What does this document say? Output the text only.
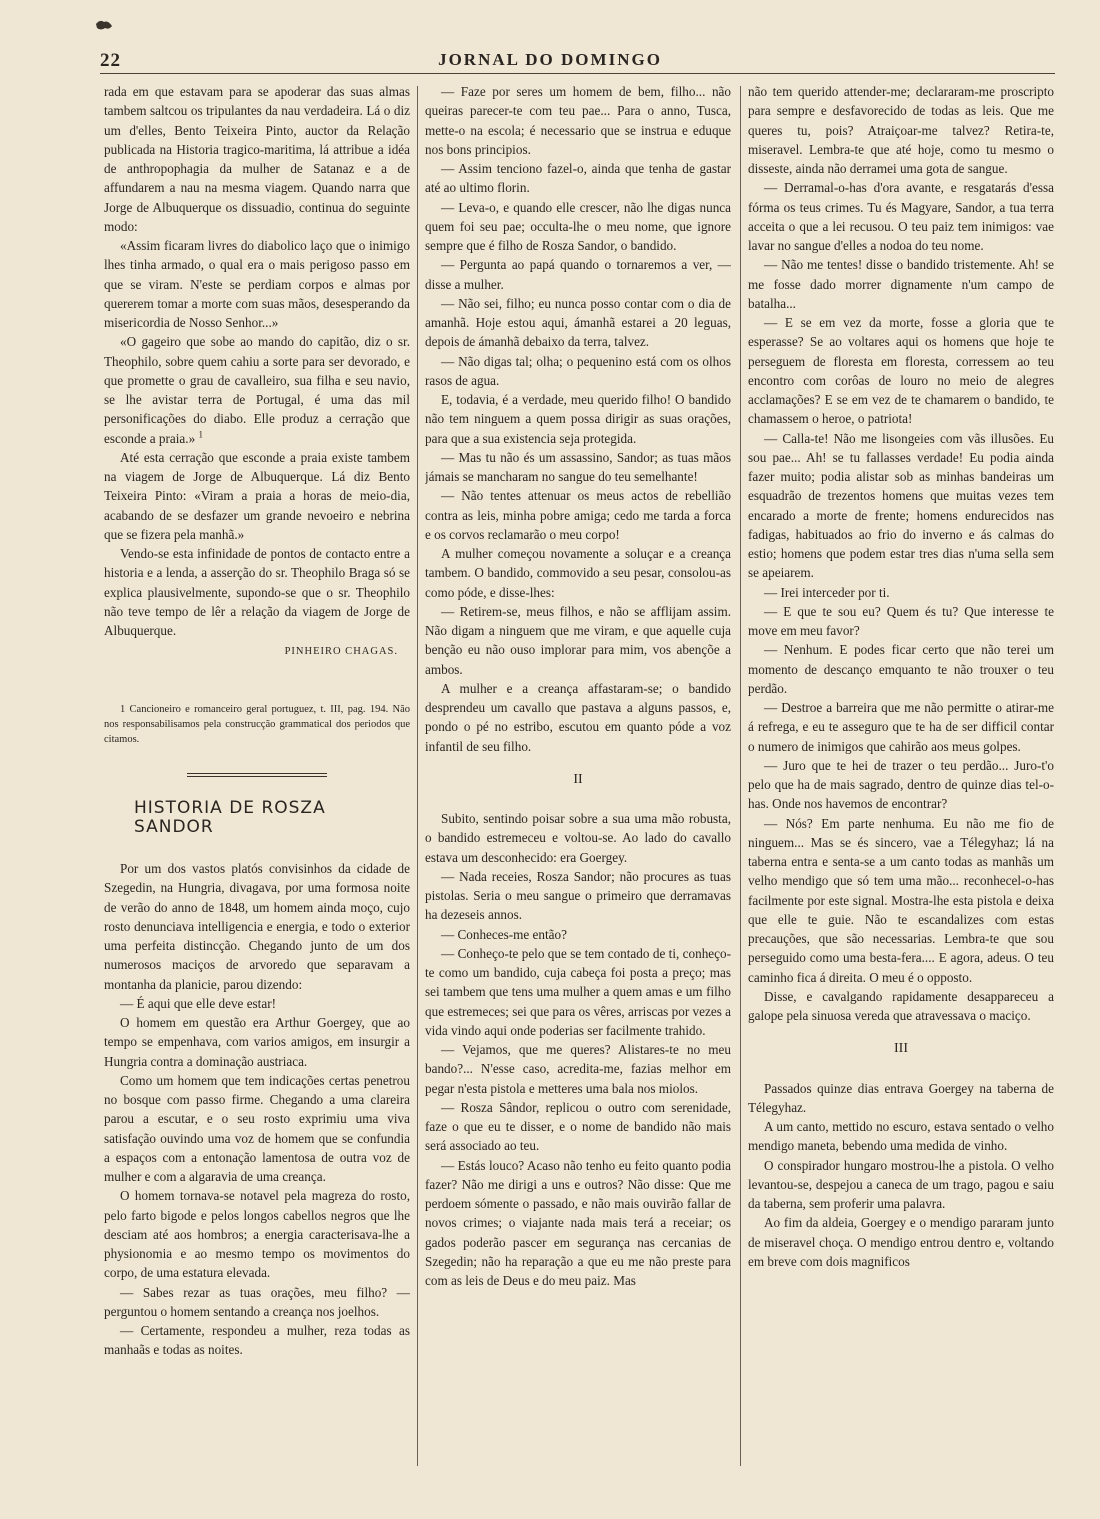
22	JORNAL DO DOMINGO

rada em que estavam para se apoderar das suas almas tambem saltcou os tripulantes da nau verdadeira. Lá o diz um d'elles, Bento Teixeira Pinto, auctor da Relação publicada na Historia tragico-maritima, lá attribue a idéa de anthropophagia da mulher de Satanaz e a de affundarem a nau na mesma viagem. Quando narra que Jorge de Albuquerque os dissuadio, continua do seguinte modo:

«Assim ficaram livres do diabolico laço que o inimigo lhes tinha armado, o qual era o mais perigoso passo em que se viram. N'este se perdiam corpos e almas por quererem tomar a morte com suas mãos, desesperando da misericordia de Nosso Senhor...»

«O gageiro que sobe ao mando do capitão, diz o sr. Theophilo, sobre quem cahiu a sorte para ser devorado, e que promette o grau de cavalleiro, sua filha e seu navio, se lhe avistar terra de Portugal, é uma das mil personificações do diabo. Elle produz a cerração que esconde a praia.» $^1$

Até esta cerração que esconde a praia existe tambem na viagem de Jorge de Albuquerque. Lá diz Bento Teixeira Pinto: «Viram a praia a horas de meio-dia, acabando de se desfazer um grande nevoeiro e nebrina que se fizera pela manhã.»

Vendo-se esta infinidade de pontos de contacto entre a historia e a lenda, a asserção do sr. Theophilo Braga só se explica plausivelmente, supondo-se que o sr. Theophilo não teve tempo de lêr a relação da viagem de Jorge de Albuquerque.

PINHEIRO CHAGAS.

1 Cancioneiro e romanceiro geral portuguez, t. III, pag. 194. Não nos responsabilisamos pela construcção grammatical dos periodos que citamos.

HISTORIA DE ROSZA SANDOR

Por um dos vastos platós convisinhos da cidade de Szegedin, na Hungria, divagava, por uma formosa noite de verão do anno de 1848, um homem ainda moço, cujo rosto denunciava intelligencia e energia, e todo o exterior uma perfeita distincção. Chegando junto de um dos numerosos maciços de arvoredo que separavam a montanha da planicie, parou dizendo:

— É aqui que elle deve estar!

O homem em questão era Arthur Goergey, que ao tempo se empenhava, com varios amigos, em insurgir a Hungria contra a dominação austriaca.

Como um homem que tem indicações certas penetrou no bosque com passo firme. Chegando a uma clareira parou a escutar, e o seu rosto exprimiu uma viva satisfação ouvindo uma voz de homem que se confundia a espaços com a entonação lamentosa de outra voz de mulher e com a algaravia de uma creança.

O homem tornava-se notavel pela magreza do rosto, pelo farto bigode e pelos longos cabellos negros que lhe desciam até aos hombros; a energia caracterisava-lhe a physionomia e ao mesmo tempo os movimentos do corpo, de uma estatura elevada.

— Sabes rezar as tuas orações, meu filho? — perguntou o homem sentando a creança nos joelhos.

— Certamente, respondeu a mulher, reza todas as manhaãs e todas as noites.

— Faze por seres um homem de bem, filho... não queiras parecer-te com teu pae... Para o anno, Tusca, mette-o na escola; é necessario que se instrua e eduque nos bons principios.

— Assim tenciono fazel-o, ainda que tenha de gastar até ao ultimo florin.

— Leva-o, e quando elle crescer, não lhe digas nunca quem foi seu pae; occulta-lhe o meu nome, que ignore sempre que é filho de Rosza Sandor, o bandido.

— Pergunta ao papá quando o tornaremos a ver, — disse a mulher.

— Não sei, filho; eu nunca posso contar com o dia de amanhã. Hoje estou aqui, ámanhã estarei a 20 leguas, depois de ámanhã debaixo da terra, talvez.

— Não digas tal; olha; o pequenino está com os olhos rasos de agua.

E, todavia, é a verdade, meu querido filho! O bandido não tem ninguem a quem possa dirigir as suas orações, para que a sua existencia seja protegida.

— Mas tu não és um assassino, Sandor; as tuas mãos jámais se mancharam no sangue do teu semelhante!

— Não tentes attenuar os meus actos de rebellião contra as leis, minha pobre amiga; cedo me tarda a forca e os corvos reclamarão o meu corpo!

A mulher começou novamente a soluçar e a creança tambem. O bandido, commovido a seu pesar, consolou-as como póde, e disse-lhes:

— Retirem-se, meus filhos, e não se afflijam assim. Não digam a ninguem que me viram, e que aquelle cuja benção eu não ouso implorar para mim, vos abençõe a ambos.

A mulher e a creança affastaram-se; o bandido desprendeu um cavallo que pastava a alguns passos, e, pondo o pé no estribo, escutou em quanto póde a voz infantil de seu filho.

II

Subito, sentindo poisar sobre a sua uma mão robusta, o bandido estremeceu e voltou-se. Ao lado do cavallo estava um desconhecido: era Goergey.

— Nada receies, Rosza Sandor; não procures as tuas pistolas. Seria o meu sangue o primeiro que derramavas ha dezeseis annos.

— Conheces-me então?

— Conheço-te pelo que se tem contado de ti, conheço-te como um bandido, cuja cabeça foi posta a preço; mas sei tambem que tens uma mulher a quem amas e um filho que estremeces; sei que para os vêres, arriscas por vezes a vida vindo aqui onde poderias ser facilmente trahido.

— Vejamos, que me queres? Alistares-te no meu bando?... N'esse caso, acredita-me, fazias melhor em pegar n'esta pistola e metteres uma bala nos miolos.

— Rosza Sândor, replicou o outro com serenidade, faze o que eu te disser, e o nome de bandido não mais será associado ao teu.

— Estás louco? Acaso não tenho eu feito quanto podia fazer? Não me dirigi a uns e outros? Não disse: Que me perdoem sómente o passado, e não mais ouvirão fallar de novos crimes; o viajante nada mais terá a receiar; os gados poderão pascer em segurança nas cercanias de Szegedin; não ha reparação a que eu me não preste para com as leis de Deus e do meu paiz. Mas

não tem querido attender-me; declararam-me proscripto para sempre e desfavorecido de todas as leis. Que me queres tu, pois? Atraiçoar-me talvez? Retira-te, miseravel. Lembra-te que até hoje, como tu mesmo o disseste, ainda não derramei uma gota de sangue.

— Derramal-o-has d'ora avante, e resgatarás d'essa fórma os teus crimes. Tu és Magyare, Sandor, a tua terra acceita o que a lei recusou. O teu paiz tem inimigos: vae lavar no sangue d'elles a nodoa do teu nome.

— Não me tentes! disse o bandido tristemente. Ah! se me fosse dado morrer dignamente n'um campo de batalha...

— E se em vez da morte, fosse a gloria que te esperasse? Se ao voltares aqui os homens que hoje te perseguem de floresta em floresta, corressem ao teu encontro com corôas de louro no meio de alegres acclamações? E se em vez de te chamarem o bandido, te chamassem o heroe, o patriota!

— Calla-te! Não me lisongeies com vãs illusões. Eu sou pae... Ah! se tu fallasses verdade! Eu podia ainda fazer muito; podia alistar sob as minhas bandeiras um esquadrão de trezentos homens que muitas vezes tem encarado a morte de frente; homens endurecidos nas fadigas, habituados ao frio do inverno e ás calmas do estio; homens que podem estar tres dias n'uma sella sem se apeiarem.

— Irei interceder por ti.

— E que te sou eu? Quem és tu? Que interesse te move em meu favor?

— Nenhum. E podes ficar certo que não terei um momento de descanço emquanto te não trouxer o teu perdão.

— Destroe a barreira que me não permitte o atirar-me á refrega, e eu te asseguro que te ha de ser difficil contar o numero de inimigos que cahirão aos meus golpes.

— Juro que te hei de trazer o teu perdão... Juro-t'o pelo que ha de mais sagrado, dentro de quinze dias tel-o-has. Onde nos havemos de encontrar?

— Nós? Em parte nenhuma. Eu não me fio de ninguem... Mas se és sincero, vae a Télegyhaz; lá na taberna entra e senta-se a um canto todas as manhãs um velho mendigo que só tem uma mão... reconhecel-o-has facilmente por este signal. Mostra-lhe esta pistola e deixa que elle te guie. Não te escandalizes com estas precauções, que são necessarias. Lembra-te que sou perseguido como uma besta-fera.... E agora, adeus. O teu caminho fica á direita. O meu é o opposto.

Disse, e cavalgando rapidamente desappareceu a galope pela sinuosa vereda que atravessava o maciço.

III

Passados quinze dias entrava Goergey na taberna de Télegyhaz.

A um canto, mettido no escuro, estava sentado o velho mendigo maneta, bebendo uma medida de vinho.

O conspirador hungaro mostrou-lhe a pistola. O velho levantou-se, despejou a caneca de um trago, pagou e saiu da taberna, sem proferir uma palavra.

Ao fim da aldeia, Goergey e o mendigo pararam junto de miseravel choça. O mendigo entrou dentro e, voltando em breve com dois magnificos
